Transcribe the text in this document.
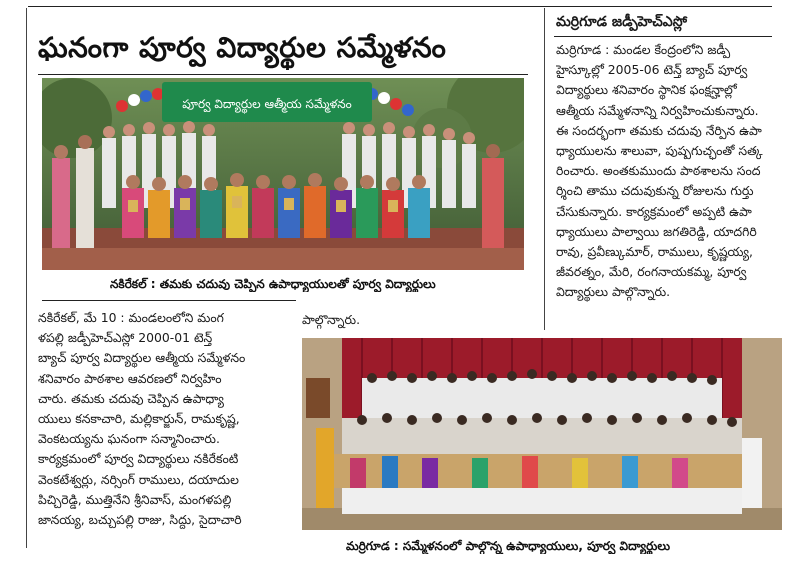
ఘనంగా పూర్వ విద్యార్థుల సమ్మేళనం
పూర్వ విద్యార్థుల ఆత్మీయ సమ్మేళనం
నకిరేకల్ : తమకు చదువు చెప్పిన ఉపాధ్యాయులతో పూర్వ విద్యార్థులు
నకిరేకల్, మే 10 : మండలంలోని మంగ
ళపల్లి జడ్పీహెచ్ఎస్లో 2000-01 టెన్త్
బ్యాచ్ పూర్వ విద్యార్థుల ఆత్మీయ సమ్మేళనం
శనివారం పాఠశాల ఆవరణలో నిర్వహిం
చారు. తమకు చదువు చెప్పిన ఉపాధ్యా
యులు కనకాచారి, మల్లికార్జున్, రామకృష్ణ,
వెంకటయ్యను ఘనంగా సన్మానించారు.
కార్యక్రమంలో పూర్వ విద్యార్థులు నకిరేకంటి
వెంకటేశ్వర్లు, నర్సింగ్ రాములు, దయాదుల
పిచ్చిరెడ్డి, ముత్తినేని శ్రీనివాస్, మంగళపల్లి
జానయ్య, బచ్చుపల్లి రాజు, సిద్దు, సైదాచారి
పాల్గొన్నారు.
మర్రిగూడ జడ్పీహెచ్ఎస్లో
మర్రిగూడ : మండల కేంద్రంలోని జడ్పీ
హైస్కూల్లో 2005-06 టెన్త్ బ్యాచ్ పూర్వ
విద్యార్థులు శనివారం స్థానిక ఫంక్షన్హాల్లో
ఆత్మీయ సమ్మేళనాన్ని నిర్వహించుకున్నారు.
ఈ సందర్భంగా తమకు చదువు నేర్పిన ఉపా
ధ్యాయులను శాలువా, పుష్పగుచ్ఛంతో సత్క
రించారు. అంతకుముందు పాఠశాలను సంద
ర్శించి తాము చదువుకున్న రోజులను గుర్తు
చేసుకున్నారు. కార్యక్రమంలో అప్పటి ఉపా
ధ్యాయులు పాల్వాయి జగతిరెడ్డి, యాదగిరి
రావు, ప్రవీణ్కుమార్, రాములు, కృష్ణయ్య,
జీవరత్నం, మేరి, రంగనాయకమ్మ, పూర్వ
విద్యార్థులు పాల్గొన్నారు.
మర్రిగూడ : సమ్మేళనంలో పాల్గొన్న ఉపాధ్యాయులు, పూర్వ విద్యార్థులు
